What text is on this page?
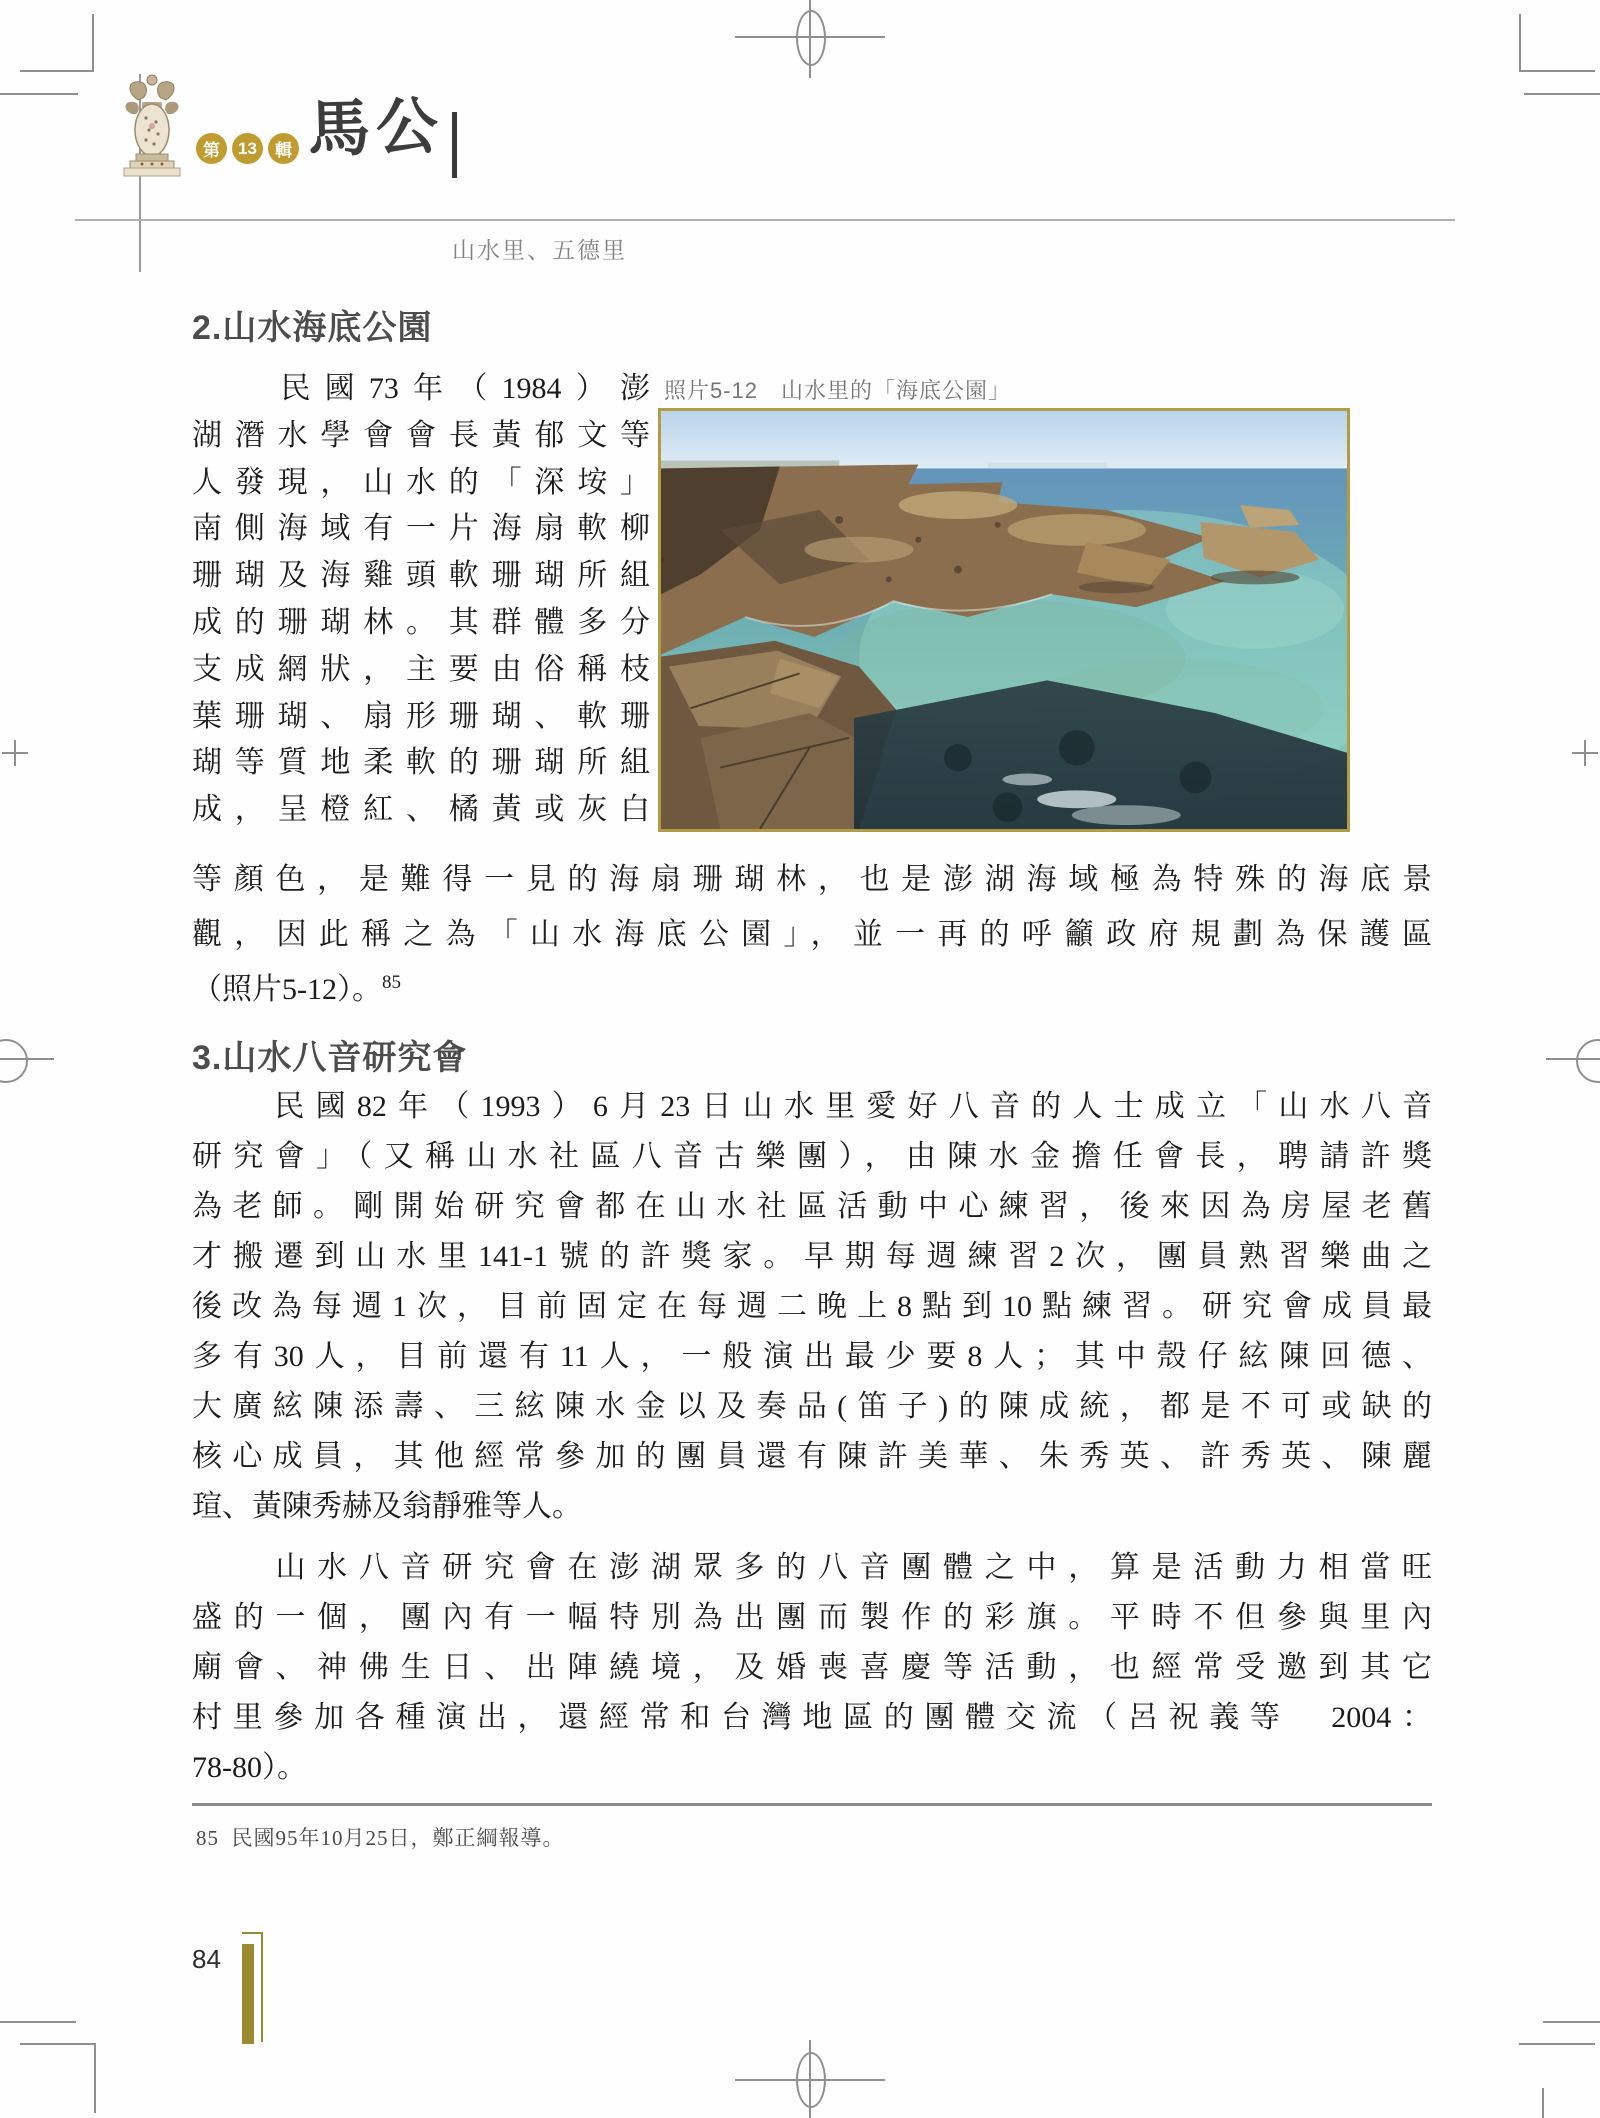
第	13	輯 馬公
山水里、五德里
2.山水海底公園
　　民國73年（1984）澎
湖潛水學會會長黃郁文等
人發現，山水的「深垵」
南側海域有一片海扇軟柳
珊瑚及海雞頭軟珊瑚所組
成的珊瑚林。其群體多分
支成網狀，主要由俗稱枝
葉珊瑚、扇形珊瑚、軟珊
瑚等質地柔軟的珊瑚所組
成，呈橙紅、橘黃或灰白
照片5-12　山水里的「海底公園」
等顏色，是難得一見的海扇珊瑚林，也是澎湖海域極為特殊的海底景
觀，因此稱之為「山水海底公園」，並一再的呼籲政府規劃為保護區
（照片5-12）。$^{85}$
3.山水八音研究會
　　民國82年（1993）6月23日山水里愛好八音的人士成立「山水八音
研究會」（又稱山水社區八音古樂團），由陳水金擔任會長，聘請許獎
為老師。剛開始研究會都在山水社區活動中心練習，後來因為房屋老舊
才搬遷到山水里141-1號的許獎家。早期每週練習2次，團員熟習樂曲之
後改為每週1次，目前固定在每週二晚上8點到10點練習。研究會成員最
多有30人，目前還有11人，一般演出最少要8人；其中殼仔絃陳回德、
大廣絃陳添壽、三絃陳水金以及奏品(笛子)的陳成統，都是不可或缺的
核心成員，其他經常參加的團員還有陳許美華、朱秀英、許秀英、陳麗
瑄、黃陳秀赫及翁靜雅等人。
　　山水八音研究會在澎湖眾多的八音團體之中，算是活動力相當旺
盛的一個，團內有一幅特別為出團而製作的彩旗。平時不但參與里內
廟會、神佛生日、出陣繞境，及婚喪喜慶等活動，也經常受邀到其它
村里參加各種演出，還經常和台灣地區的團體交流（呂祝義等　2004：
78-80）。
85 民國95年10月25日，鄭正綱報導。
84
